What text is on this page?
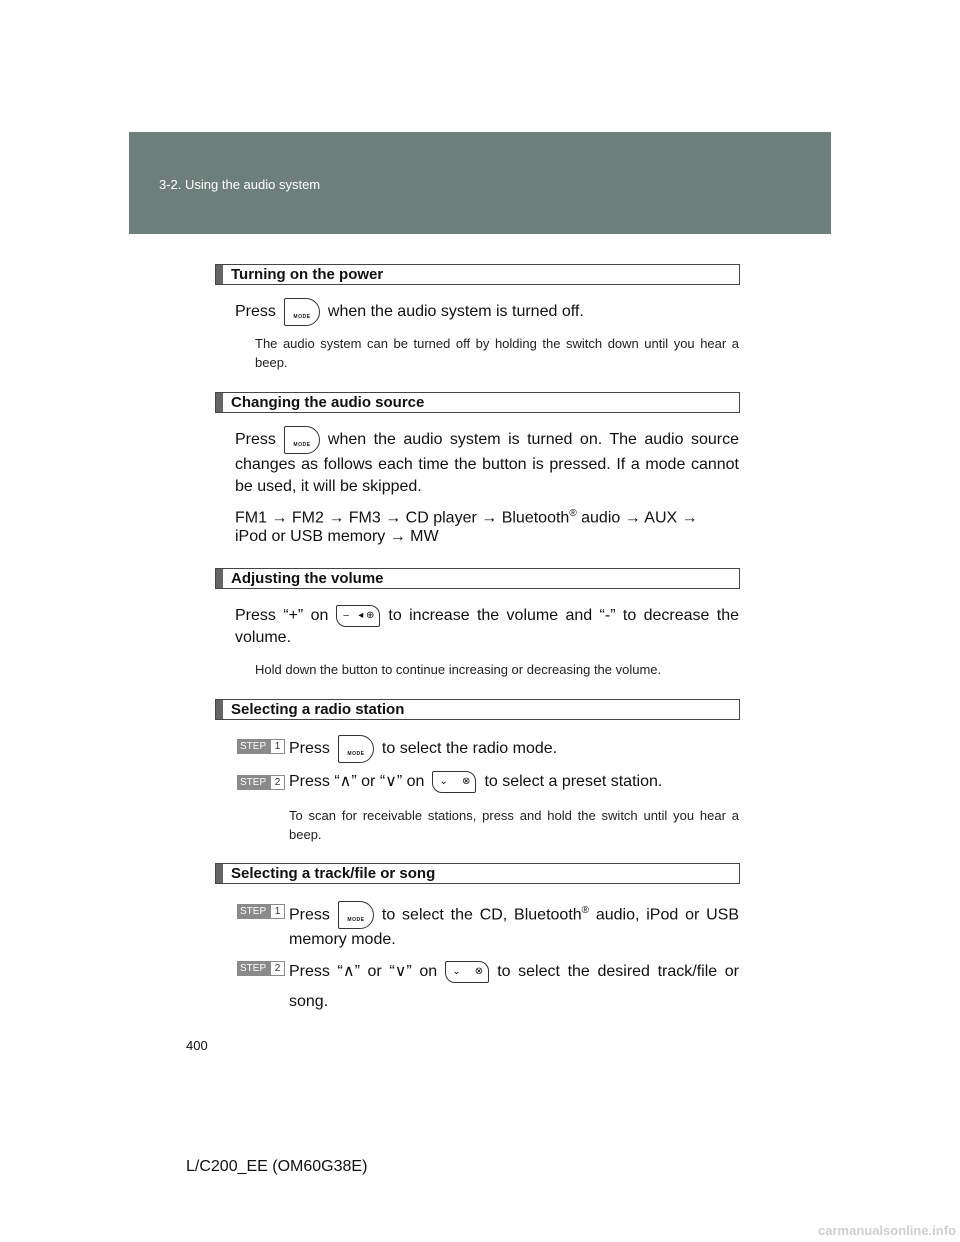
3-2. Using the audio system
Turning on the power
Press	MODE	when the audio system is turned off.
The audio system can be turned off by holding the switch down until you hear a beep.
Changing the audio source
Press	MODE	when the audio system is turned on. The audio source changes as follows each time the button is pressed. If a mode cannot be used, it will be skipped.
FM1 → FM2 → FM3 → CD player → Bluetooth® audio → AUX →
iPod or USB memory → MW
Adjusting the volume
Press “+” on – ◂ ⊕ to increase the volume and “-” to decrease the volume.
Hold down the button to continue increasing or decreasing the volume.
Selecting a radio station
STEP 1 Press	MODE	to select the radio mode.
STEP 2 Press “∧” or “∨” on ⌄ ⊗ to select a preset station.
To scan for receivable stations, press and hold the switch until you hear a beep.
Selecting a track/file or song
STEP 1 Press	MODE	to select the CD, Bluetooth® audio, iPod or USB memory mode.
STEP 2 Press “∧” or “∨” on ⌄ ⊗ to select the desired track/file or song.
400
L/C200_EE (OM60G38E)
carmanualsonline.info
